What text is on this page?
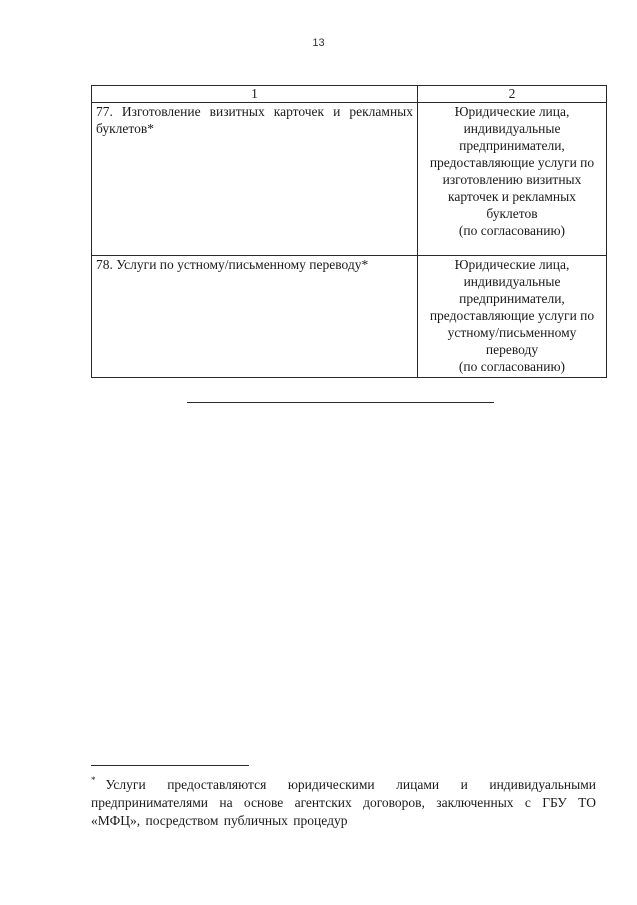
13
1	2

77. Изготовление визитных карточек и рекламных буклетов*	Юридические лица, индивидуальные предприниматели, предоставляющие услуги по изготовлению визитных карточек и рекламных буклетов
(по согласованию)

78. Услуги по устному/письменному переводу*	Юридические лица, индивидуальные предприниматели, предоставляющие услуги по устному/письменному переводу
(по согласованию)
* Услуги предоставляются юридическими лицами и индивидуальными предпринимателями на основе агентских договоров, заключенных с ГБУ ТО «МФЦ», посредством публичных процедур
